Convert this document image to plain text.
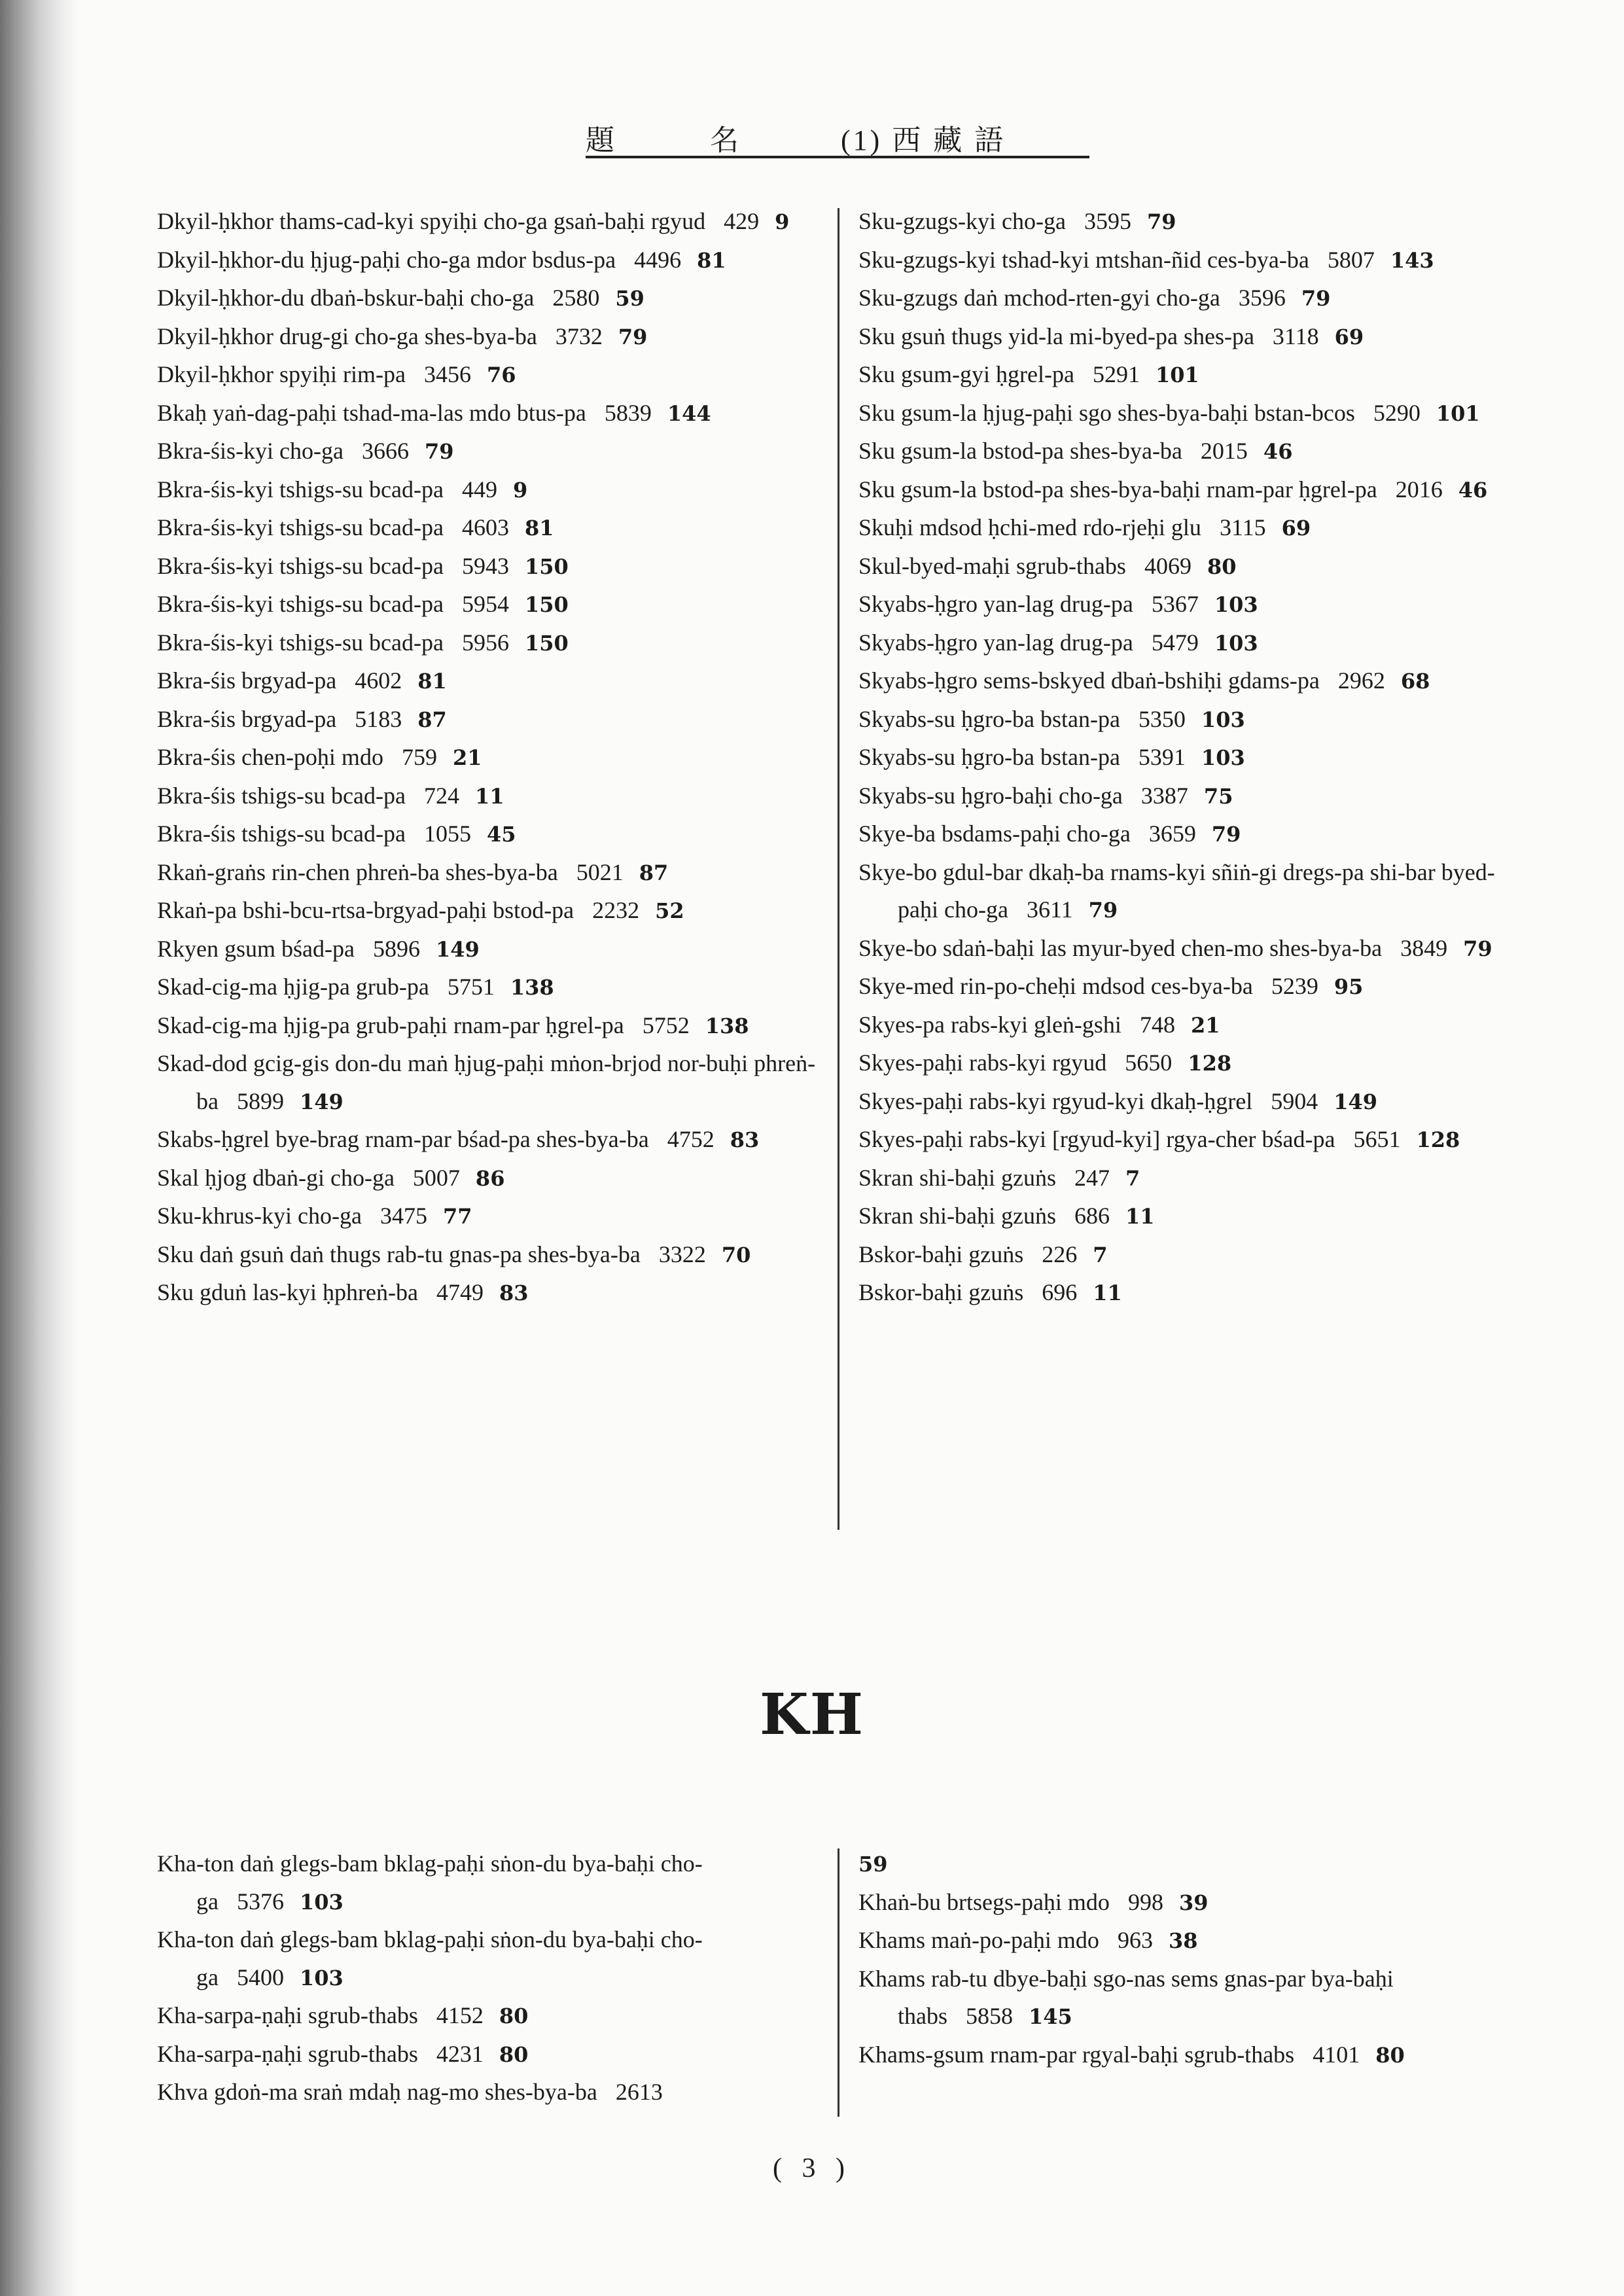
題	名	(1) 西 藏 語
Dkyil-ḥkhor thams-cad-kyi spyiḥi cho-ga gsaṅ-baḥi rgyud 429 9
Dkyil-ḥkhor-du ḥjug-paḥi cho-ga mdor bsdus-pa 4496 81
Dkyil-ḥkhor-du dbaṅ-bskur-baḥi cho-ga 2580 59
Dkyil-ḥkhor drug-gi cho-ga shes-bya-ba 3732 79
Dkyil-ḥkhor spyiḥi rim-pa 3456 76
Bkaḥ yaṅ-dag-paḥi tshad-ma-las mdo btus-pa 5839 144
Bkra-śis-kyi cho-ga 3666 79
Bkra-śis-kyi tshigs-su bcad-pa 449 9
Bkra-śis-kyi tshigs-su bcad-pa 4603 81
Bkra-śis-kyi tshigs-su bcad-pa 5943 150
Bkra-śis-kyi tshigs-su bcad-pa 5954 150
Bkra-śis-kyi tshigs-su bcad-pa 5956 150
Bkra-śis brgyad-pa 4602 81
Bkra-śis brgyad-pa 5183 87
Bkra-śis chen-poḥi mdo 759 21
Bkra-śis tshigs-su bcad-pa 724 11
Bkra-śis tshigs-su bcad-pa 1055 45
Rkaṅ-graṅs rin-chen phreṅ-ba shes-bya-ba 5021 87
Rkaṅ-pa bshi-bcu-rtsa-brgyad-paḥi bstod-pa 2232 52
Rkyen gsum bśad-pa 5896 149
Skad-cig-ma ḥjig-pa grub-pa 5751 138
Skad-cig-ma ḥjig-pa grub-paḥi rnam-par ḥgrel-pa 5752 138
Skad-dod gcig-gis don-du maṅ ḥjug-paḥi mṅon-brjod nor-buḥi phreṅ-ba 5899 149
Skabs-ḥgrel bye-brag rnam-par bśad-pa shes-bya-ba 4752 83
Skal ḥjog dbaṅ-gi cho-ga 5007 86
Sku-khrus-kyi cho-ga 3475 77
Sku daṅ gsuṅ daṅ thugs rab-tu gnas-pa shes-bya-ba 3322 70
Sku gduṅ las-kyi ḥphreṅ-ba 4749 83
Sku-gzugs-kyi cho-ga 3595 79
Sku-gzugs-kyi tshad-kyi mtshan-ñid ces-bya-ba 5807 143
Sku-gzugs daṅ mchod-rten-gyi cho-ga 3596 79
Sku gsuṅ thugs yid-la mi-byed-pa shes-pa 3118 69
Sku gsum-gyi ḥgrel-pa 5291 101
Sku gsum-la ḥjug-paḥi sgo shes-bya-baḥi bstan-bcos 5290 101
Sku gsum-la bstod-pa shes-bya-ba 2015 46
Sku gsum-la bstod-pa shes-bya-baḥi rnam-par ḥgrel-pa 2016 46
Skuḥi mdsod ḥchi-med rdo-rjeḥi glu 3115 69
Skul-byed-maḥi sgrub-thabs 4069 80
Skyabs-ḥgro yan-lag drug-pa 5367 103
Skyabs-ḥgro yan-lag drug-pa 5479 103
Skyabs-ḥgro sems-bskyed dbaṅ-bshiḥi gdams-pa 2962 68
Skyabs-su ḥgro-ba bstan-pa 5350 103
Skyabs-su ḥgro-ba bstan-pa 5391 103
Skyabs-su ḥgro-baḥi cho-ga 3387 75
Skye-ba bsdams-paḥi cho-ga 3659 79
Skye-bo gdul-bar dkaḥ-ba rnams-kyi sñiṅ-gi dregs-pa shi-bar byed-paḥi cho-ga 3611 79
Skye-bo sdaṅ-baḥi las myur-byed chen-mo shes-bya-ba 3849 79
Skye-med rin-po-cheḥi mdsod ces-bya-ba 5239 95
Skyes-pa rabs-kyi gleṅ-gshi 748 21
Skyes-paḥi rabs-kyi rgyud 5650 128
Skyes-paḥi rabs-kyi rgyud-kyi dkaḥ-ḥgrel 5904 149
Skyes-paḥi rabs-kyi [rgyud-kyi] rgya-cher bśad-pa 5651 128
Skran shi-baḥi gzuṅs 247 7
Skran shi-baḥi gzuṅs 686 11
Bskor-baḥi gzuṅs 226 7
Bskor-baḥi gzuṅs 696 11
KH
Kha-ton daṅ glegs-bam bklag-paḥi sṅon-du bya-baḥi cho-ga 5376 103
Kha-ton daṅ glegs-bam bklag-paḥi sṅon-du bya-baḥi cho-ga 5400 103
Kha-sarpa-ṇaḥi sgrub-thabs 4152 80
Kha-sarpa-ṇaḥi sgrub-thabs 4231 80
Khva gdoṅ-ma sraṅ mdaḥ nag-mo shes-bya-ba 2613
59
Khaṅ-bu brtsegs-paḥi mdo 998 39
Khams maṅ-po-paḥi mdo 963 38
Khams rab-tu dbye-baḥi sgo-nas sems gnas-par bya-baḥi thabs 5858 145
Khams-gsum rnam-par rgyal-baḥi sgrub-thabs 4101 80
( 3 )
